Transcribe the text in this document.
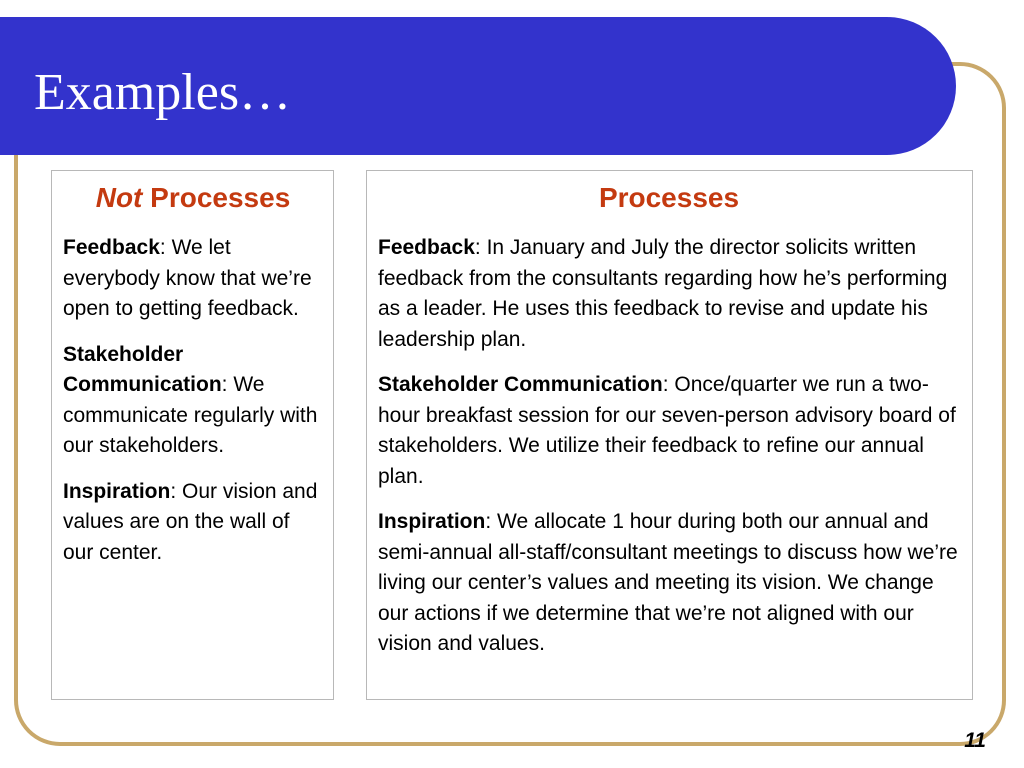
Examples…
Not Processes

Feedback: We let everybody know that we’re open to getting feedback.

Stakeholder Communication: We communicate regularly with our stakeholders.

Inspiration: Our vision and values are on the wall of our center.

Processes

Feedback: In January and July the director solicits written feedback from the consultants regarding how he’s performing as a leader. He uses this feedback to revise and update his leadership plan.

Stakeholder Communication: Once/quarter we run a two-hour breakfast session for our seven-person advisory board of stakeholders. We utilize their feedback to refine our annual plan.

Inspiration: We allocate 1 hour during both our annual and semi-annual all-staff/consultant meetings to discuss how we’re living our center’s values and meeting its vision. We change our actions if we determine that we’re not aligned with our vision and values.

11
